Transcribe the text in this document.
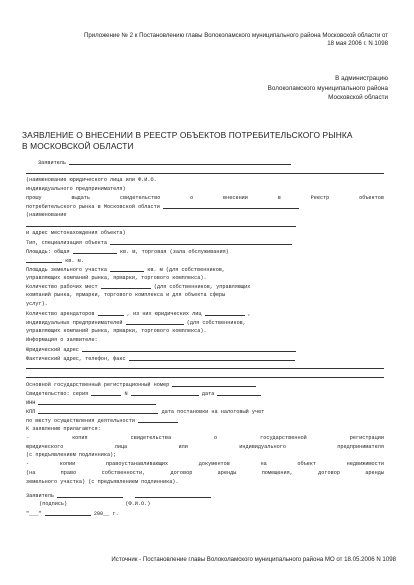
Приложение № 2 к Постановлению главы Волоколамского муниципального района Московской области от
18 мая 2006 г. N 1098
В администрацию
Волоколамского муниципального района
Московской области
ЗАЯВЛЕНИЕ О ВНЕСЕНИИ В РЕЕСТР ОБЪЕКТОВ ПОТРЕБИТЕЛЬСКОГО РЫНКА
В МОСКОВСКОЙ ОБЛАСТИ
Заявитель
(наименование юридического лица или Ф.И.О.
индивидуального предпринимателя)
прошу выдать свидетельство о внесении в Реестр объектов
потребительского рынка в Московской области
(наименование
и адрес местонахождения объекта)
Тип, специализация объекта
Площадь: общая	кв. м, торговая (зала обслуживания)
кв. м.
Площадь земельного участка	кв. м (для собственников,
управляющих компаний рынка, ярмарки, торгового комплекса).
Количество рабочих мест	(для собственников, управляющих
компаний рынка, ярмарки, торгового комплекса и для объекта сферы
услуг).
Количество арендаторов	, из них юридических лиц	,
индивидуальных предпринимателей	(для собственников,
управляющих компаний рынка, ярмарки, торгового комплекса).
Информация о заявителе:
Юридический адрес
Фактический адрес, телефон, факс
Основной государственный регистрационный номер
Свидетельство: серия	N	дата
ИНН
КПП	дата постановки на налоговый учет
по месту осуществления деятельности
К заявлению прилагаются:
- копия свидетельства о государственной регистрации
юридического лица или индивидуального предпринимателя
(с предъявлением подлинника);
- копии правоустанавливающих документов на объект недвижимости
(на право собственности, договор аренды помещения, договор аренды
земельного участка) (с предъявлением подлинника).
Заявитель
(подпись)	(Ф.И.О.)
"___"	200__ г.
Источник - Постановление главы Волоколамского муниципального района МО от 18.05.2006 N 1098
